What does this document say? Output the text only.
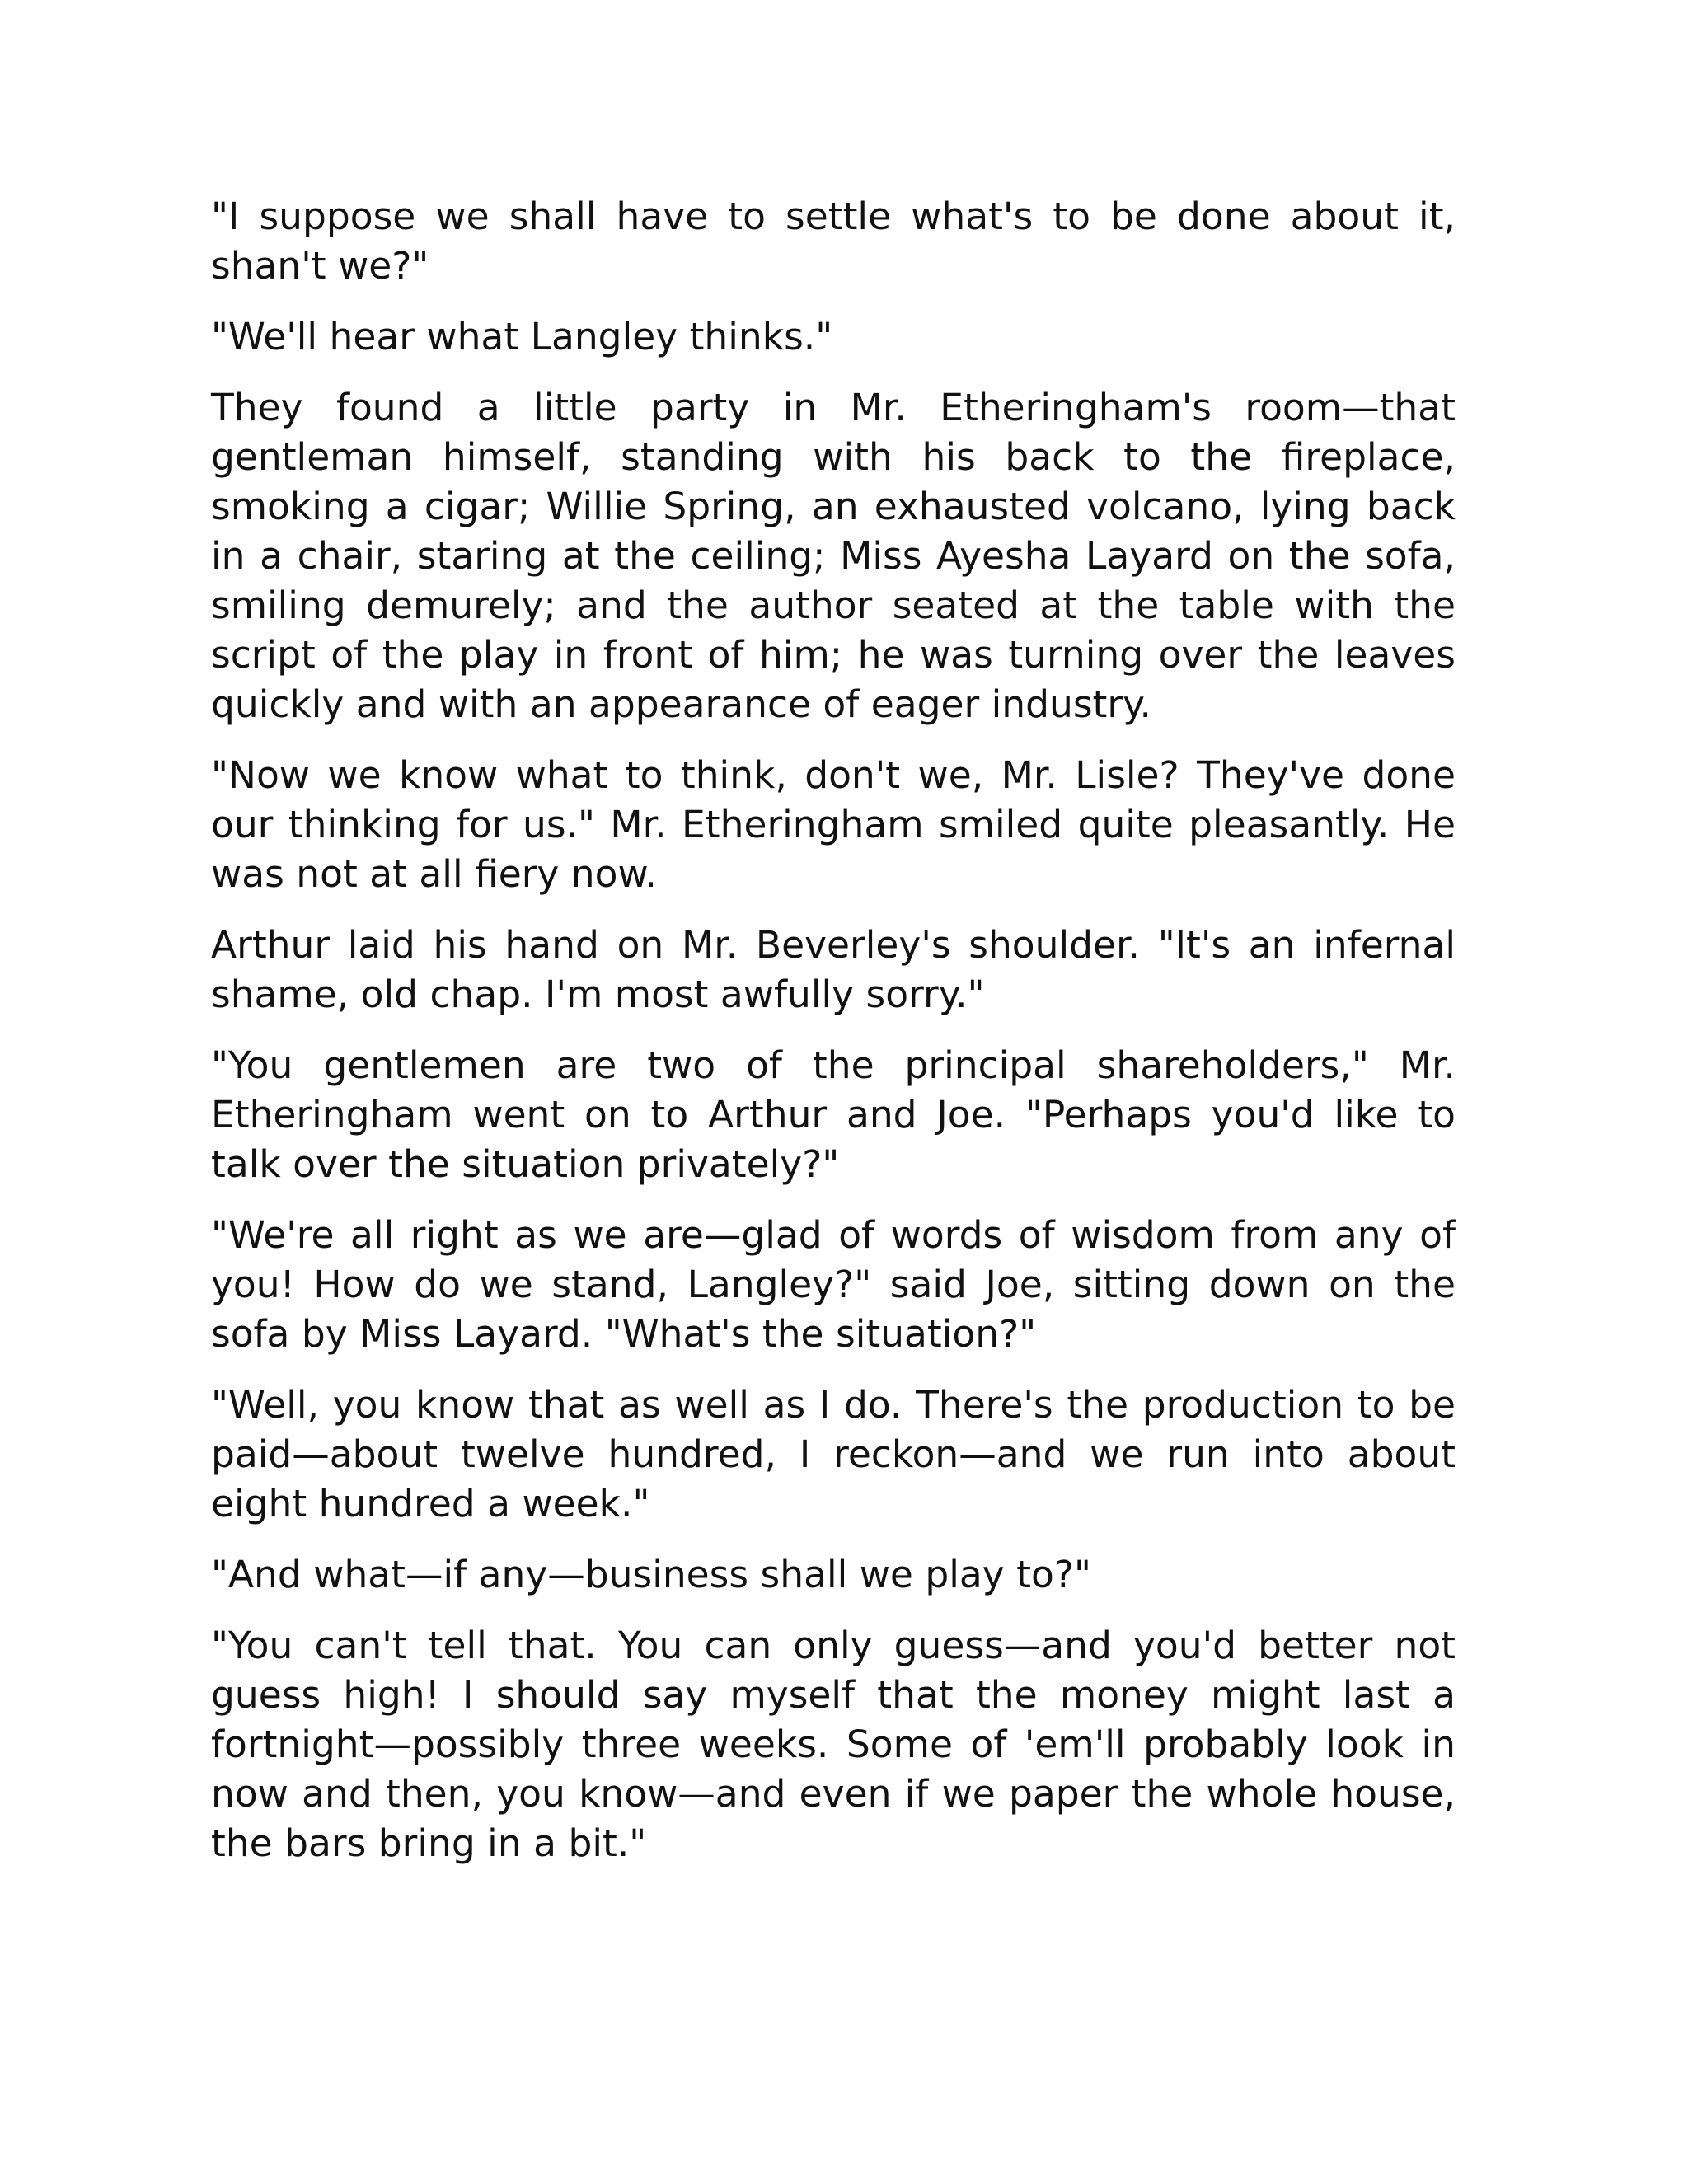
"I suppose we shall have to settle what's to be done about it, shan't we?"

"We'll hear what Langley thinks."

They found a little party in Mr. Etheringham's room—that gentleman himself, standing with his back to the fireplace, smoking a cigar; Willie Spring, an exhausted volcano, lying back in a chair, staring at the ceiling; Miss Ayesha Layard on the sofa, smiling demurely; and the author seated at the table with the script of the play in front of him; he was turning over the leaves quickly and with an appearance of eager industry.

"Now we know what to think, don't we, Mr. Lisle? They've done our thinking for us." Mr. Etheringham smiled quite pleasantly. He was not at all fiery now.

Arthur laid his hand on Mr. Beverley's shoulder. "It's an infernal shame, old chap. I'm most awfully sorry."

"You gentlemen are two of the principal shareholders," Mr. Etheringham went on to Arthur and Joe. "Perhaps you'd like to talk over the situation privately?"

"We're all right as we are—glad of words of wisdom from any of you! How do we stand, Langley?" said Joe, sitting down on the sofa by Miss Layard. "What's the situation?"

"Well, you know that as well as I do. There's the production to be paid—about twelve hundred, I reckon—and we run into about eight hundred a week."

"And what—if any—business shall we play to?"

"You can't tell that. You can only guess—and you'd better not guess high! I should say myself that the money might last a fortnight—possibly three weeks. Some of 'em'll probably look in now and then, you know—and even if we paper the whole house, the bars bring in a bit."
